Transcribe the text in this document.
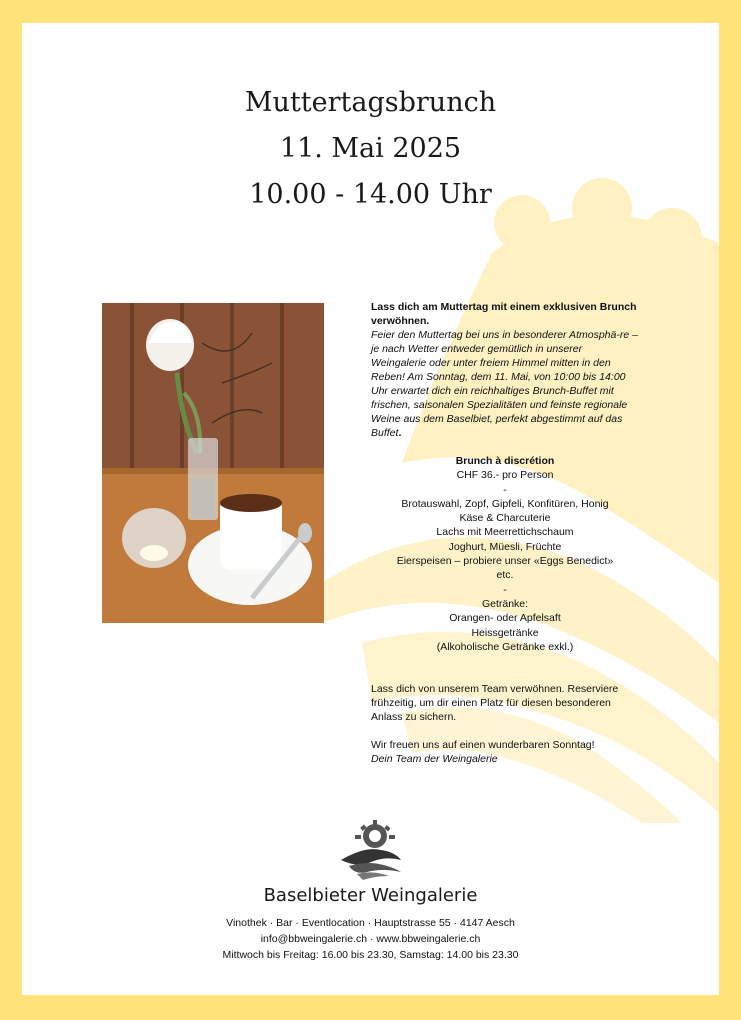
Muttertagsbrunch
11. Mai 2025
10.00 - 14.00 Uhr
Lass dich am Muttertag mit einem exklusiven Brunch verwöhnen.
Feier den Muttertag bei uns in besonderer Atmosphä-re – je nach Wetter entweder gemütlich in unserer Weingalerie oder unter freiem Himmel mitten in den Reben! Am Sonntag, dem 11. Mai, von 10:00 bis 14:00 Uhr erwartet dich ein reichhaltiges Brunch-Buffet mit frischen, saisonalen Spezialitäten und feinste regionale Weine aus dem Baselbiet, perfekt abgestimmt auf das Buffet.
Brunch à discrétion
CHF 36.- pro Person
-
Brotauswahl, Zopf, Gipfeli, Konfitüren, Honig
Käse & Charcuterie
Lachs mit Meerrettichschaum
Joghurt, Müesli, Früchte
Eierspeisen – probiere unser «Eggs Benedict»
etc.
-
Getränke:
Orangen- oder Apfelsaft
Heissgetränke
(Alkoholische Getränke exkl.)

Lass dich von unserem Team verwöhnen. Reserviere frühzeitig, um dir einen Platz für diesen besonderen Anlass zu sichern.

Wir freuen uns auf einen wunderbaren Sonntag!
Dein Team der Weingalerie
Baselbieter Weingalerie
Vinothek · Bar · Eventlocation · Hauptstrasse 55 · 4147 Aesch
info@bbweingalerie.ch · www.bbweingalerie.ch
Mittwoch bis Freitag: 16.00 bis 23.30, Samstag: 14.00 bis 23.30
